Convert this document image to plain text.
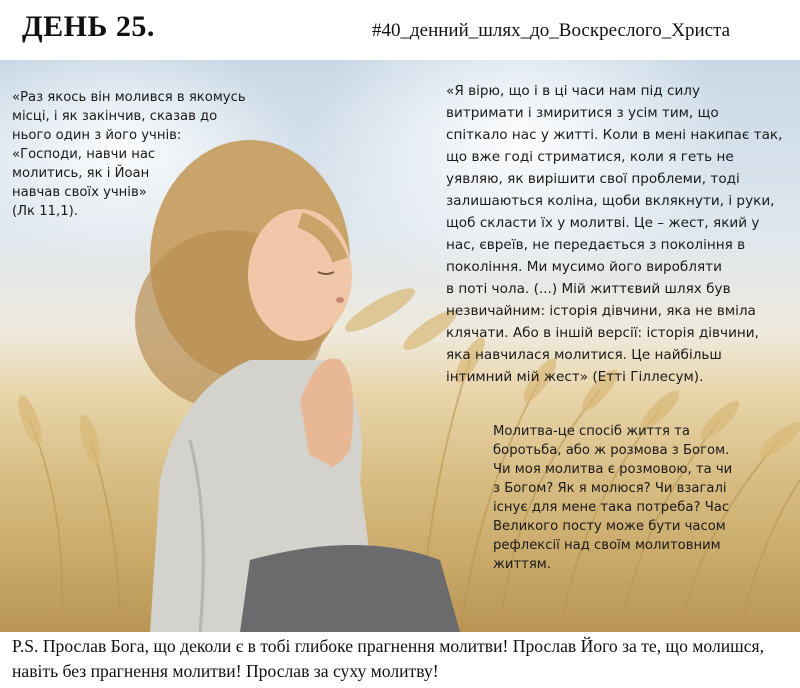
ДЕНЬ 25.	#40_денний_шлях_до_Воскреслого_Христа
«Раз якось він молився в якомусь
місці, і як закінчив, сказав до
нього один з його учнів:
«Господи, навчи нас
молитись, як і Йоан
навчав своїх учнів»
(Лк 11,1).
«Я вірю, що і в ці часи нам під силу
витримати і змиритися з усім тим, що
спіткало нас у житті. Коли в мені накипає так,
що вже годі стриматися, коли я геть не
уявляю, як вирішити свої проблеми, тоді
залишаються коліна, щоби вклякнути, і руки,
щоб скласти їх у молитві. Це – жест, який у
нас, євреїв, не передається з покоління в
покоління. Ми мусимо його виробляти
в поті чола. (...) Мій життєвий шлях був
незвичайним: історія дівчини, яка не вміла
клячати. Або в іншій версії: історія дівчини,
яка навчилася молитися. Це найбільш
інтимний мій жест» (Етті Гіллесум).
Молитва-це спосіб життя та
боротьба, або ж розмова з Богом.
Чи моя молитва є розмовою, та чи
з Богом? Як я молюся? Чи взагалі
існує для мене така потреба? Час
Великого посту може бути часом
рефлексії над своїм молитовним
життям.
P.S. Прослав Бога, що деколи є в тобі глибоке прагнення молитви! Прослав Його за те, що молишся, навіть без прагнення молитви! Прослав за суху молитву!
